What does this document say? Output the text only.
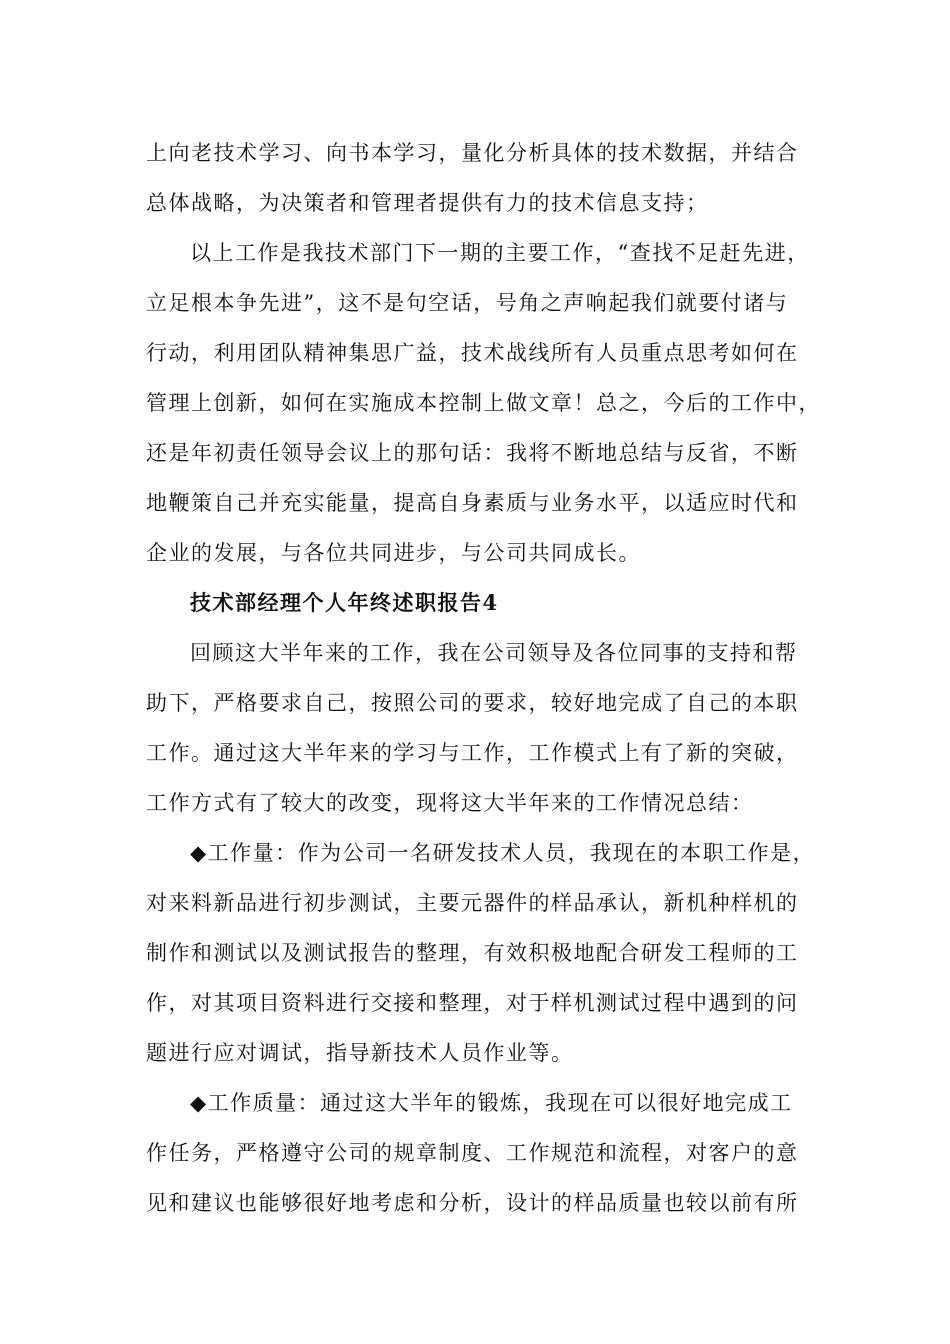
上向老技术学习、向书本学习，量化分析具体的技术数据，并结合
总体战略，为决策者和管理者提供有力的技术信息支持；
以上工作是我技术部门下一期的主要工作，“查找不足赶先进，
立足根本争先进”，这不是句空话，号角之声响起我们就要付诸与
行动，利用团队精神集思广益，技术战线所有人员重点思考如何在
管理上创新，如何在实施成本控制上做文章！总之，今后的工作中，
还是年初责任领导会议上的那句话：我将不断地总结与反省，不断
地鞭策自己并充实能量，提高自身素质与业务水平，以适应时代和
企业的发展，与各位共同进步，与公司共同成长。
技术部经理个人年终述职报告4
回顾这大半年来的工作，我在公司领导及各位同事的支持和帮
助下，严格要求自己，按照公司的要求，较好地完成了自己的本职
工作。通过这大半年来的学习与工作，工作模式上有了新的突破，
工作方式有了较大的改变，现将这大半年来的工作情况总结：
◆工作量：作为公司一名研发技术人员，我现在的本职工作是，
对来料新品进行初步测试，主要元器件的样品承认，新机种样机的
制作和测试以及测试报告的整理，有效积极地配合研发工程师的工
作，对其项目资料进行交接和整理，对于样机测试过程中遇到的问
题进行应对调试，指导新技术人员作业等。
◆工作质量：通过这大半年的锻炼，我现在可以很好地完成工
作任务，严格遵守公司的规章制度、工作规范和流程，对客户的意
见和建议也能够很好地考虑和分析，设计的样品质量也较以前有所
